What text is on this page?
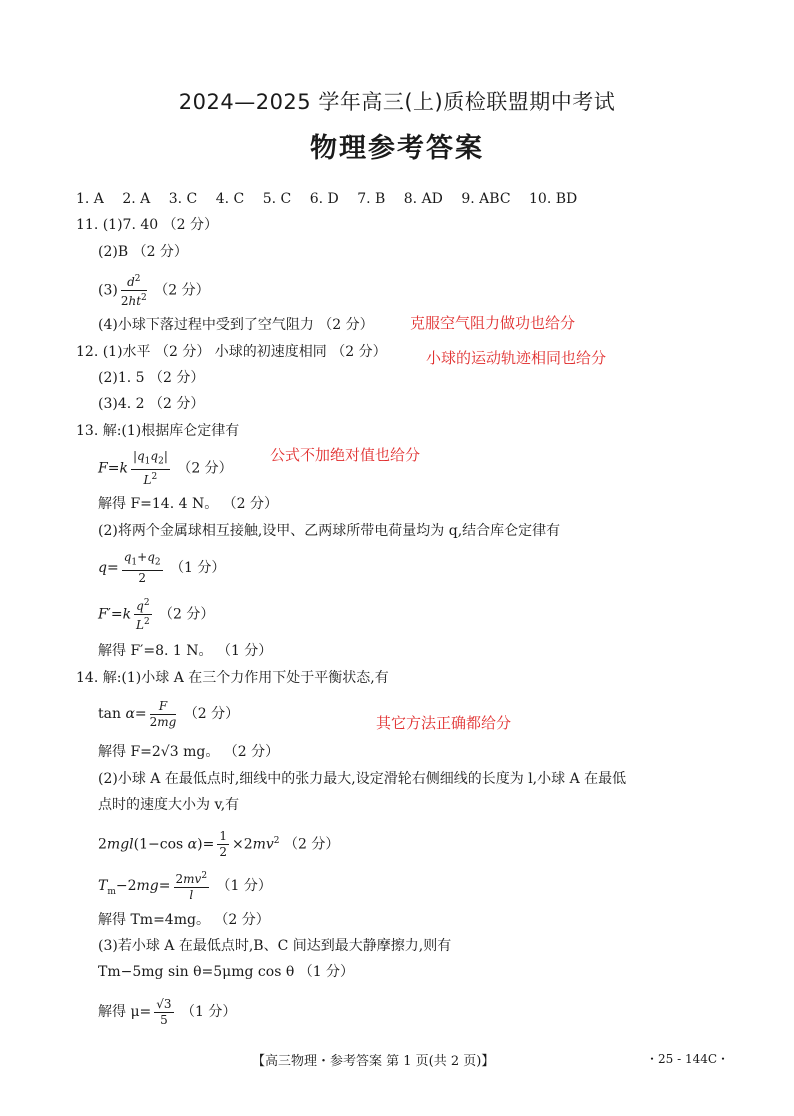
2024—2025 学年高三(上)质检联盟期中考试
物理参考答案
1. A 2. A 3. C 4. C 5. C 6. D 7. B 8. AD 9. ABC 10. BD
11. (1)7. 40 （2 分）
(2)B （2 分）
$(3) \frac{d^2}{2ht^2} (2$ 分）
(4)小球下落过程中受到了空气阻力 （2 分） 克服空气阻力做功也给分
12. (1)水平 （2 分） 小球的初速度相同 （2 分）	小球的运动轨迹相同也给分
(2)1. 5 （2 分）
(3)4. 2 （2 分）
13. 解:(1)根据库仑定律有
$F=k \frac{|q_1q_2|}{L^2} (2$ 分）
公式不加绝对值也给分
解得 F=14. 4 N。 （2 分）
(2)将两个金属球相互接触,设甲、乙两球所带电荷量均为 q,结合库仑定律有
$q= \frac{q_1+q_2}{2} (1$ 分）
$F'=k \frac{q^2}{L^2} (2$ 分）
解得 F′=8. 1 N。 （1 分）
14. 解:(1)小球 A 在三个力作用下处于平衡状态,有
$\tan \alpha= \frac{F}{2mg} (2$ 分）	其它方法正确都给分
解得 F=2√3 mg。 （2 分）
(2)小球 A 在最低点时,细线中的张力最大,设定滑轮右侧细线的长度为 l,小球 A 在最低
点时的速度大小为 v,有
2mgl(1−cos $\alpha)= \frac{1}{2} \times 2mv^2$ （2 分）
$T_m-2mg= \frac{2mv^2}{l} (1$ 分）
解得 Tm=4mg。 （2 分）
(3)若小球 A 在最低点时,B、C 间达到最大静摩擦力,则有
Tm−5mg sin θ=5μmg cos θ （1 分）
解得 $\mu= \frac{√3}{5} (1$ 分）
【高三物理・参考答案 第 1 页(共 2 页)】	・25 - 144C・
